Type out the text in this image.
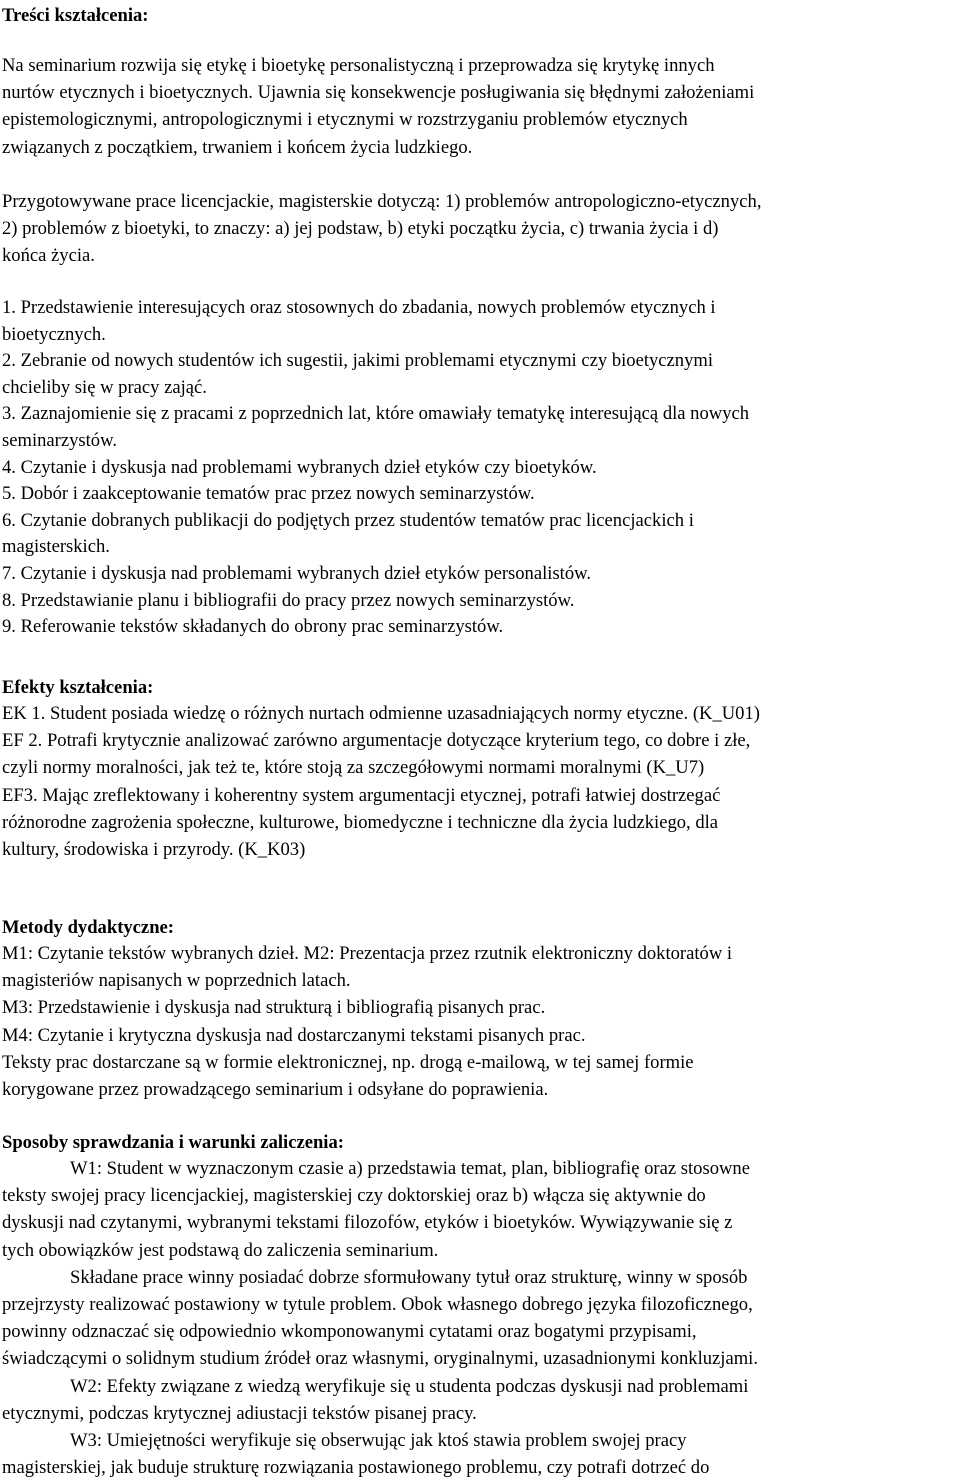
Treści kształcenia:
Na seminarium rozwija się etykę i bioetykę personalistyczną i przeprowadza się krytykę innych
nurtów etycznych i bioetycznych. Ujawnia się konsekwencje posługiwania się błędnymi założeniami
epistemologicznymi, antropologicznymi i etycznymi w rozstrzyganiu problemów etycznych
związanych z początkiem, trwaniem i końcem życia ludzkiego.
Przygotowywane prace licencjackie, magisterskie dotyczą: 1) problemów antropologiczno-etycznych,
2) problemów z bioetyki, to znaczy: a) jej podstaw, b) etyki początku życia, c) trwania życia i d)
końca życia.
1. Przedstawienie interesujących oraz stosownych do zbadania, nowych problemów etycznych i
bioetycznych.
2. Zebranie od nowych studentów ich sugestii, jakimi problemami etycznymi czy bioetycznymi
chcieliby się w pracy zająć.
3. Zaznajomienie się z pracami z poprzednich lat, które omawiały tematykę interesującą dla nowych
seminarzystów.
4. Czytanie i dyskusja nad problemami wybranych dzieł etyków czy bioetyków.
5. Dobór i zaakceptowanie tematów prac przez nowych seminarzystów.
6. Czytanie dobranych publikacji do podjętych przez studentów tematów prac licencjackich i
magisterskich.
7. Czytanie i dyskusja nad problemami wybranych dzieł etyków personalistów.
8. Przedstawianie planu i bibliografii do pracy przez nowych seminarzystów.
9. Referowanie tekstów składanych do obrony prac seminarzystów.
Efekty kształcenia:
EK 1. Student posiada wiedzę o różnych nurtach odmienne uzasadniających normy etyczne. (K_U01)
EF 2. Potrafi krytycznie analizować zarówno argumentacje dotyczące kryterium tego, co dobre i złe,
czyli normy moralności, jak też te, które stoją za szczegółowymi normami moralnymi (K_U7)
EF3. Mając zreflektowany i koherentny system argumentacji etycznej, potrafi łatwiej dostrzegać
różnorodne zagrożenia społeczne, kulturowe, biomedyczne i techniczne dla życia ludzkiego, dla
kultury, środowiska i przyrody. (K_K03)
Metody dydaktyczne:
M1: Czytanie tekstów wybranych dzieł. M2: Prezentacja przez rzutnik elektroniczny doktoratów i
magisteriów napisanych w poprzednich latach.
M3: Przedstawienie i dyskusja nad strukturą i bibliografią pisanych prac.
M4: Czytanie i krytyczna dyskusja nad dostarczanymi tekstami pisanych prac.
Teksty prac dostarczane są w formie elektronicznej, np. drogą e-mailową, w tej samej formie
korygowane przez prowadzącego seminarium i odsyłane do poprawienia.
Sposoby sprawdzania i warunki zaliczenia:
W1: Student w wyznaczonym czasie a) przedstawia temat, plan, bibliografię oraz stosowne
teksty swojej pracy licencjackiej, magisterskiej czy doktorskiej oraz b) włącza się aktywnie do
dyskusji nad czytanymi, wybranymi tekstami filozofów, etyków i bioetyków. Wywiązywanie się z
tych obowiązków jest podstawą do zaliczenia seminarium.
Składane prace winny posiadać dobrze sformułowany tytuł oraz strukturę, winny w sposób
przejrzysty realizować postawiony w tytule problem. Obok własnego dobrego języka filozoficznego,
powinny odznaczać się odpowiednio wkomponowanymi cytatami oraz bogatymi przypisami,
świadczącymi o solidnym studium źródeł oraz własnymi, oryginalnymi, uzasadnionymi konkluzjami.
W2: Efekty związane z wiedzą weryfikuje się u studenta podczas dyskusji nad problemami
etycznymi, podczas krytycznej adiustacji tekstów pisanej pracy.
W3: Umiejętności weryfikuje się obserwując jak ktoś stawia problem swojej pracy
magisterskiej, jak buduje strukturę rozwiązania postawionego problemu, czy potrafi dotrzeć do
